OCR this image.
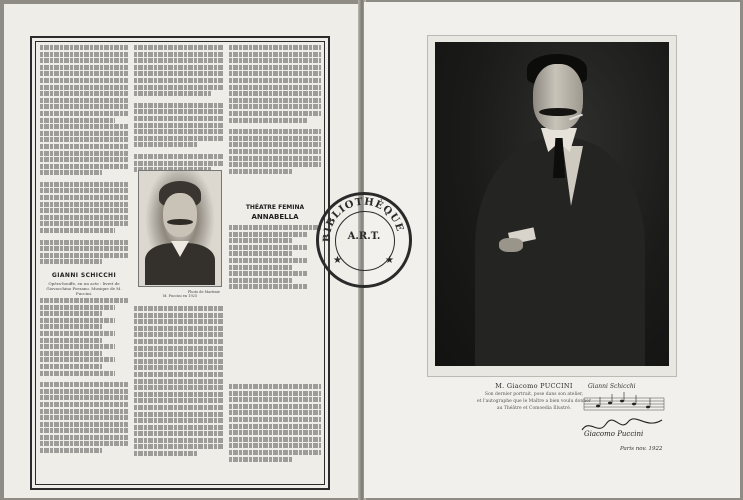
GIANNI SCHICCHI
Opéra-bouffe, en un acte : livret de Giovacchino Forzano. Musique de M. Puccini.	Photo de Martinie
M. Puccini en 1925
THÉATRE FEMINA
ANNABELLA
BIBLIOTHÈQUE
A.R.T.
★	★
M. Giacomo PUCCINI
Son dernier portrait, pose dans son atelier,
et l'autographe que le Maître a bien voulu donner
au Théâtre et Comoedia Illustré.
Gianni Schicchi
Giacomo Puccini
Paris nov. 1922
